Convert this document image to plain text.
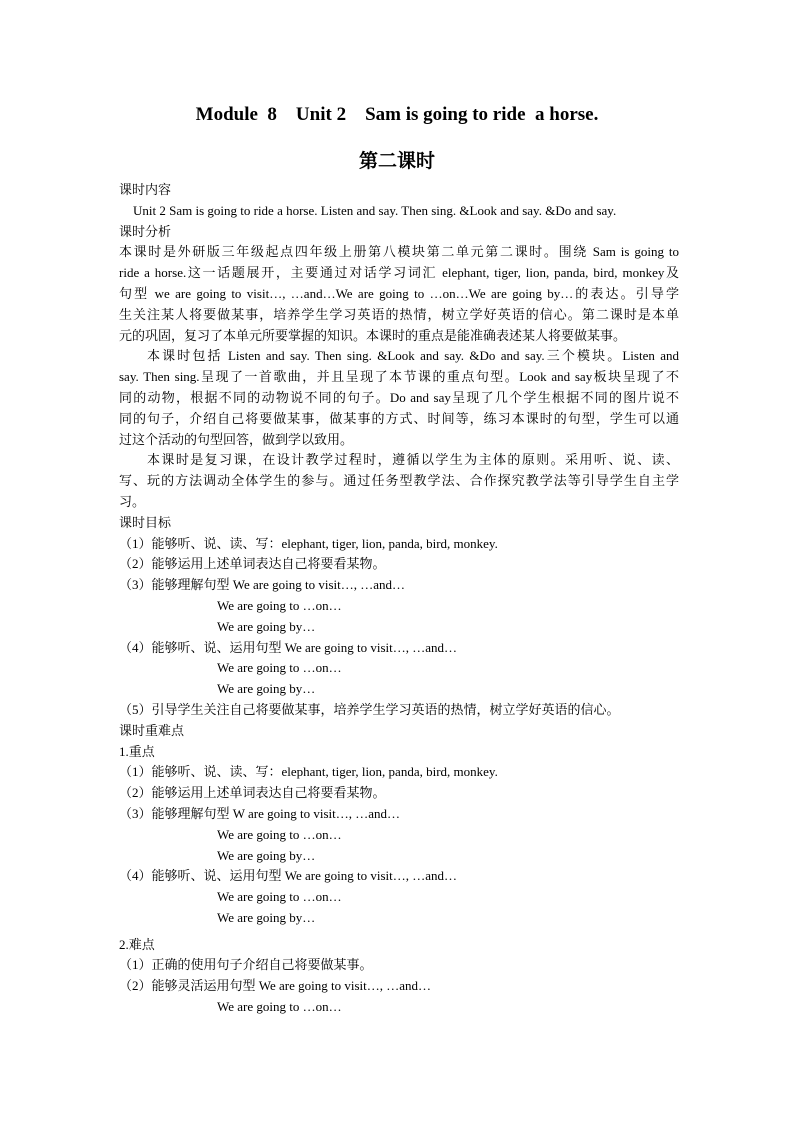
Module  8    Unit 2    Sam is going to ride  a horse.
第二课时
课时内容
Unit 2 Sam is going to ride a horse. Listen and say. Then sing. &Look and say. &Do and say.
课时分析
本课时是外研版三年级起点四年级上册第八模块第二单元第二课时。围绕 Sam is going to
ride a horse.这一话题展开，主要通过对话学习词汇 elephant, tiger, lion, panda, bird, monkey及
句型 we are going to visit…, …and…We are going to …on…We are going by…的表达。引导学
生关注某人将要做某事，培养学生学习英语的热情，树立学好英语的信心。第二课时是本单
元的巩固，复习了本单元所要掌握的知识。本课时的重点是能准确表述某人将要做某事。
本课时包括 Listen and say. Then sing. &Look and say. &Do and say.三个模块。Listen and
say. Then sing.呈现了一首歌曲，并且呈现了本节课的重点句型。Look and say板块呈现了不
同的动物，根据不同的动物说不同的句子。Do and say呈现了几个学生根据不同的图片说不
同的句子，介绍自己将要做某事，做某事的方式、时间等，练习本课时的句型，学生可以通
过这个活动的句型回答，做到学以致用。
本课时是复习课，在设计教学过程时，遵循以学生为主体的原则。采用听、说、读、
写、玩的方法调动全体学生的参与。通过任务型教学法、合作探究教学法等引导学生自主学
习。
课时目标
（1）能够听、说、读、写：elephant, tiger, lion, panda, bird, monkey.
（2）能够运用上述单词表达自己将要看某物。
（3）能够理解句型 We are going to visit…, …and…
We are going to …on…
We are going by…
（4）能够听、说、运用句型 We are going to visit…, …and…
We are going to …on…
We are going by…
（5）引导学生关注自己将要做某事，培养学生学习英语的热情，树立学好英语的信心。
课时重难点
1.重点
（1）能够听、说、读、写：elephant, tiger, lion, panda, bird, monkey.
（2）能够运用上述单词表达自己将要看某物。
（3）能够理解句型 W are going to visit…, …and…
We are going to …on…
We are going by…
（4）能够听、说、运用句型 We are going to visit…, …and…
We are going to …on…
We are going by…
2.难点
（1）正确的使用句子介绍自己将要做某事。
（2）能够灵活运用句型 We are going to visit…, …and…
We are going to …on…
